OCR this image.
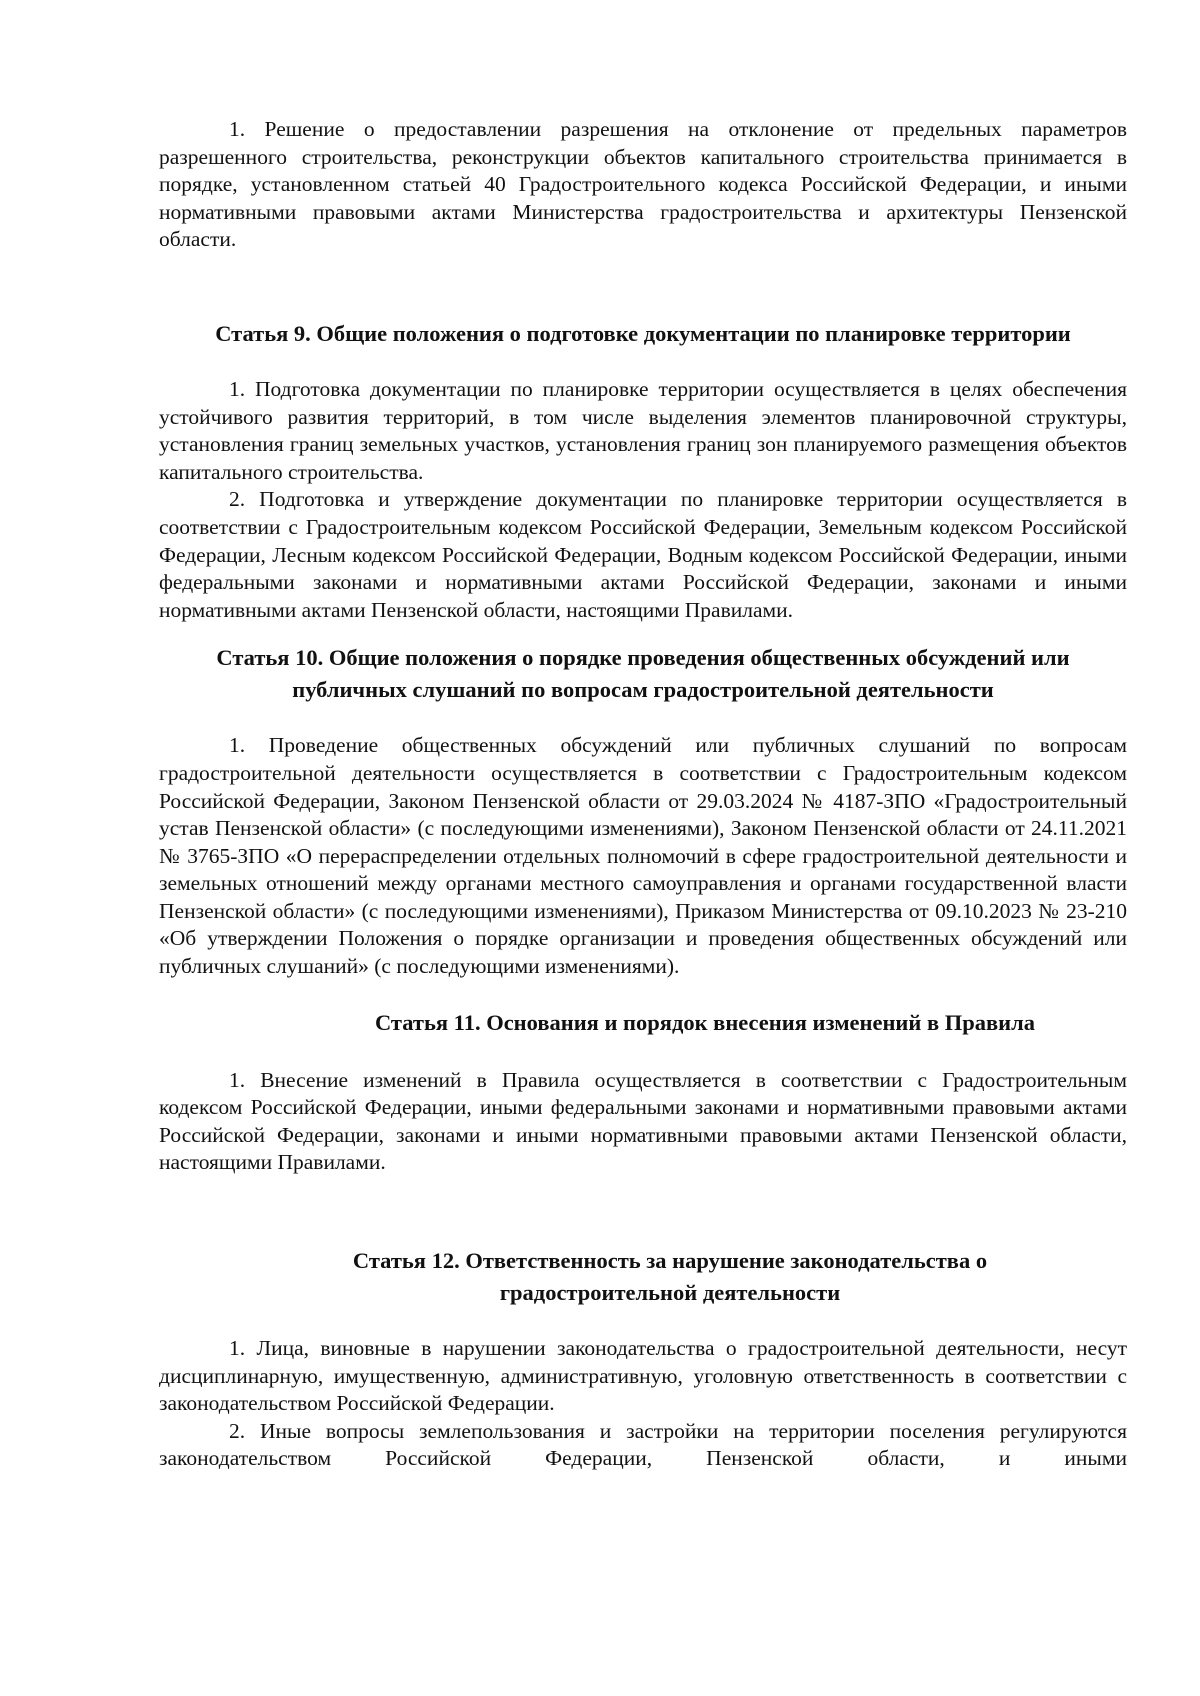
1. Решение о предоставлении разрешения на отклонение от предельных параметров разрешенного строительства, реконструкции объектов капитального строительства принимается в порядке, установленном статьей 40 Градостроительного кодекса Российской Федерации, и иными нормативными правовыми актами Министерства градостроительства и архитектуры Пензенской области.

Статья 9. Общие положения о подготовке документации по планировке территории

1. Подготовка документации по планировке территории осуществляется в целях обеспечения устойчивого развития территорий, в том числе выделения элементов планировочной структуры, установления границ земельных участков, установления границ зон планируемого размещения объектов капитального строительства.

2. Подготовка и утверждение документации по планировке территории осуществляется в соответствии с Градостроительным кодексом Российской Федерации, Земельным кодексом Российской Федерации, Лесным кодексом Российской Федерации, Водным кодексом Российской Федерации, иными федеральными законами и нормативными актами Российской Федерации, законами и иными нормативными актами Пензенской области, настоящими Правилами.

Статья 10. Общие положения о порядке проведения общественных обсуждений или публичных слушаний по вопросам градостроительной деятельности

1. Проведение общественных обсуждений или публичных слушаний по вопросам градостроительной деятельности осуществляется в соответствии с Градостроительным кодексом Российской Федерации, Законом Пензенской области от 29.03.2024 № 4187-ЗПО «Градостроительный устав Пензенской области» (с последующими изменениями), Законом Пензенской области от 24.11.2021 № 3765-ЗПО «О перераспределении отдельных полномочий в сфере градостроительной деятельности и земельных отношений между органами местного самоуправления и органами государственной власти Пензенской области» (с последующими изменениями), Приказом Министерства от 09.10.2023 № 23-210 «Об утверждении Положения о порядке организации и проведения общественных обсуждений или публичных слушаний» (с последующими изменениями).

Статья 11. Основания и порядок внесения изменений в Правила

1. Внесение изменений в Правила осуществляется в соответствии с Градостроительным кодексом Российской Федерации, иными федеральными законами и нормативными правовыми актами Российской Федерации, законами и иными нормативными правовыми актами Пензенской области, настоящими Правилами.

Статья 12. Ответственность за нарушение законодательства о градостроительной деятельности

1. Лица, виновные в нарушении законодательства о градостроительной деятельности, несут дисциплинарную, имущественную, административную, уголовную ответственность в соответствии с законодательством Российской Федерации.

2. Иные вопросы землепользования и застройки на территории поселения регулируются законодательством Российской Федерации, Пензенской области, и иными
